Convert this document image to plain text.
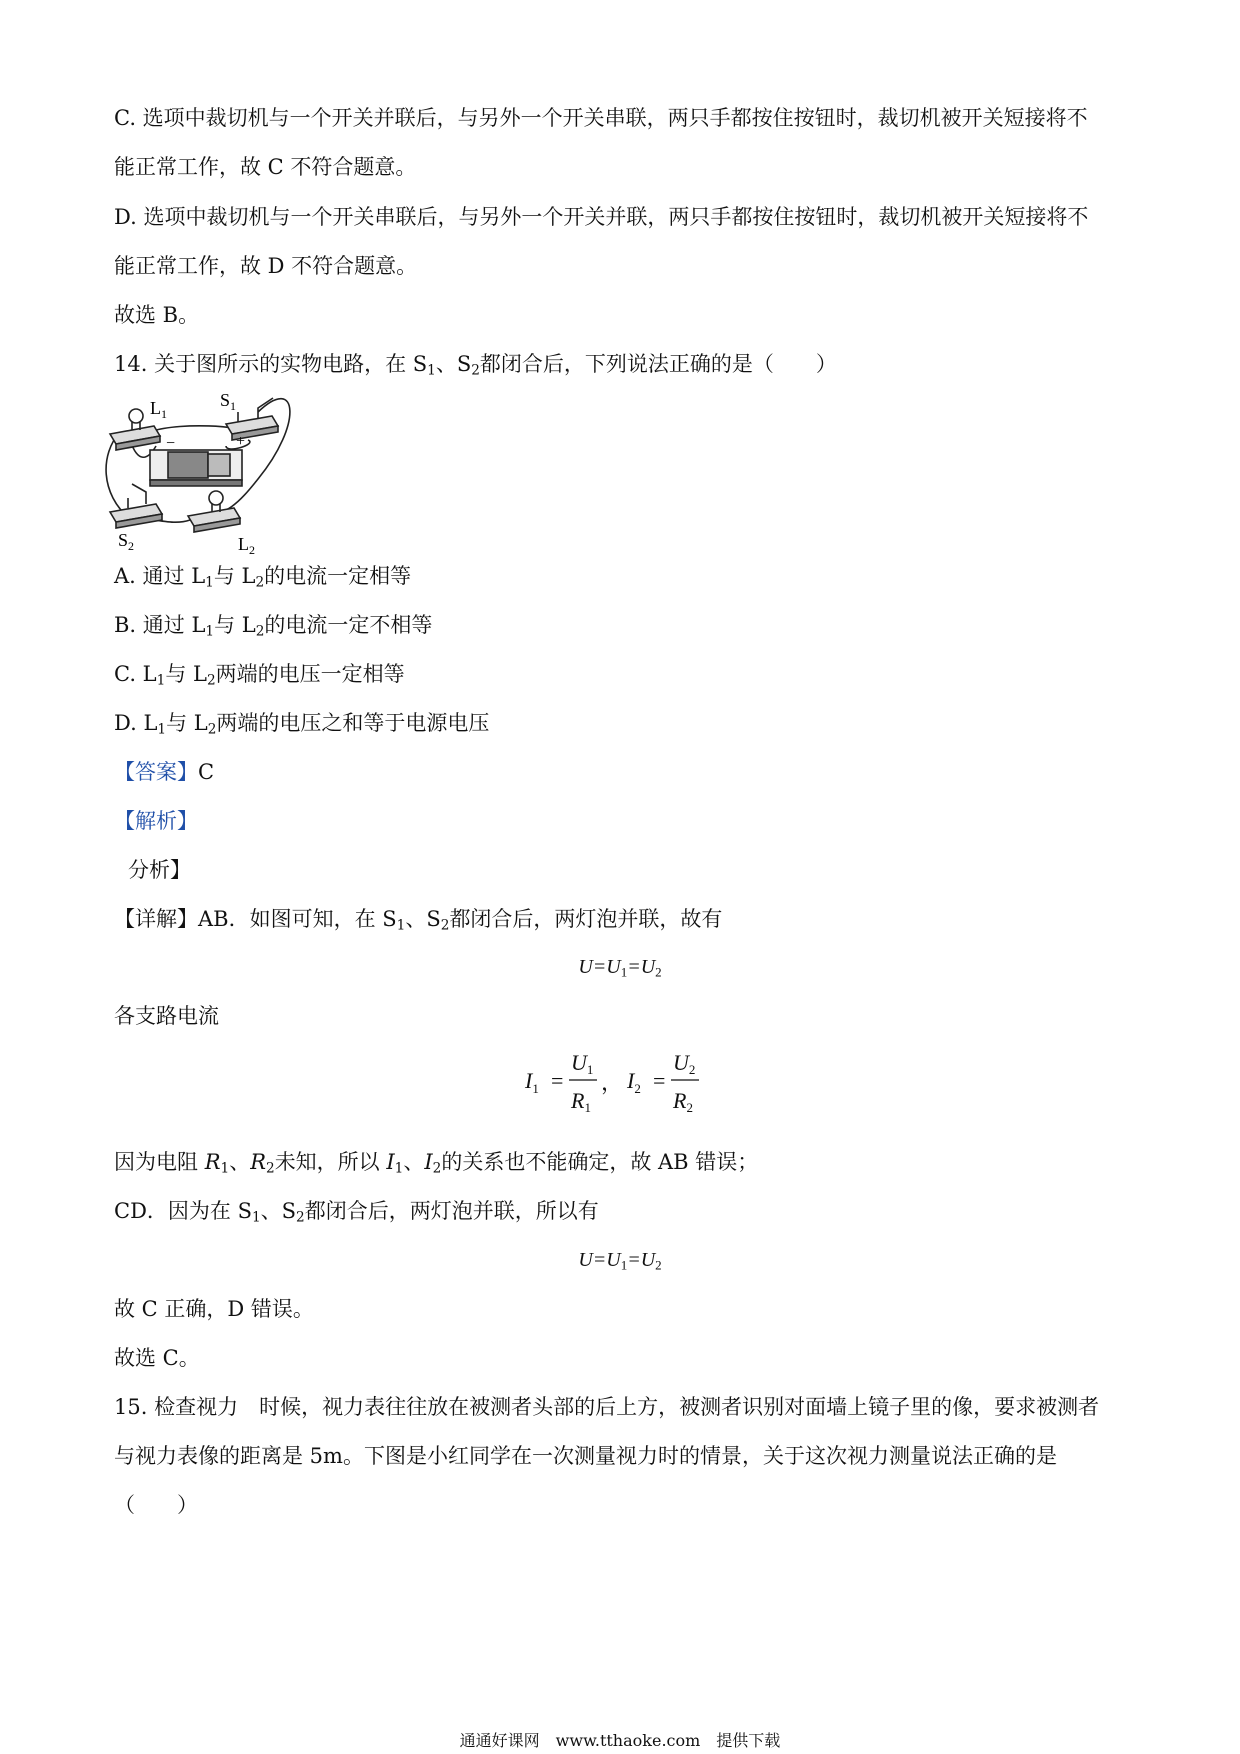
C. 选项中裁切机与一个开关并联后，与另外一个开关串联，两只手都按住按钮时，裁切机被开关短接将不
能正常工作，故 C 不符合题意。
D. 选项中裁切机与一个开关串联后，与另外一个开关并联，两只手都按住按钮时，裁切机被开关短接将不
能正常工作，故 D 不符合题意。
故选 B。
14. 关于图所示的实物电路，在 $S_1$、$S_2$都闭合后，下列说法正确的是（　　）
$L_1$
$S_1$
$S_2$	$L_2$
−	+
A. 通过 $L_1$与 $L_2$的电流一定相等
B. 通过 $L_1$与 $L_2$的电流一定不相等
C. $L_1$与 $L_2$两端的电压一定相等
D. $L_1$与 $L_2$两端的电压之和等于电源电压
【答案】C
【解析】
分析】
【详解】AB．如图可知，在 $S_1$、$S_2$都闭合后，两灯泡并联，故有
$U=U_1=U_2$
各支路电流
$I_1$ =
U1
R1
， $I_2$ =
U2
R2
因为电阻 $R_1$、$R_2$未知，所以 $I_1$、$I_2$的关系也不能确定，故 AB 错误；
CD．因为在 $S_1$、$S_2$都闭合后，两灯泡并联，所以有
$U=U_1=U_2$
故 C 正确，D 错误。
故选 C。
15. 检查视力　时候，视力表往往放在被测者头部的后上方，被测者识别对面墙上镜子里的像，要求被测者
与视力表像的距离是 5m。下图是小红同学在一次测量视力时的情景，关于这次视力测量说法正确的是
（　　）
通通好课网　www.tthaoke.com　提供下载
